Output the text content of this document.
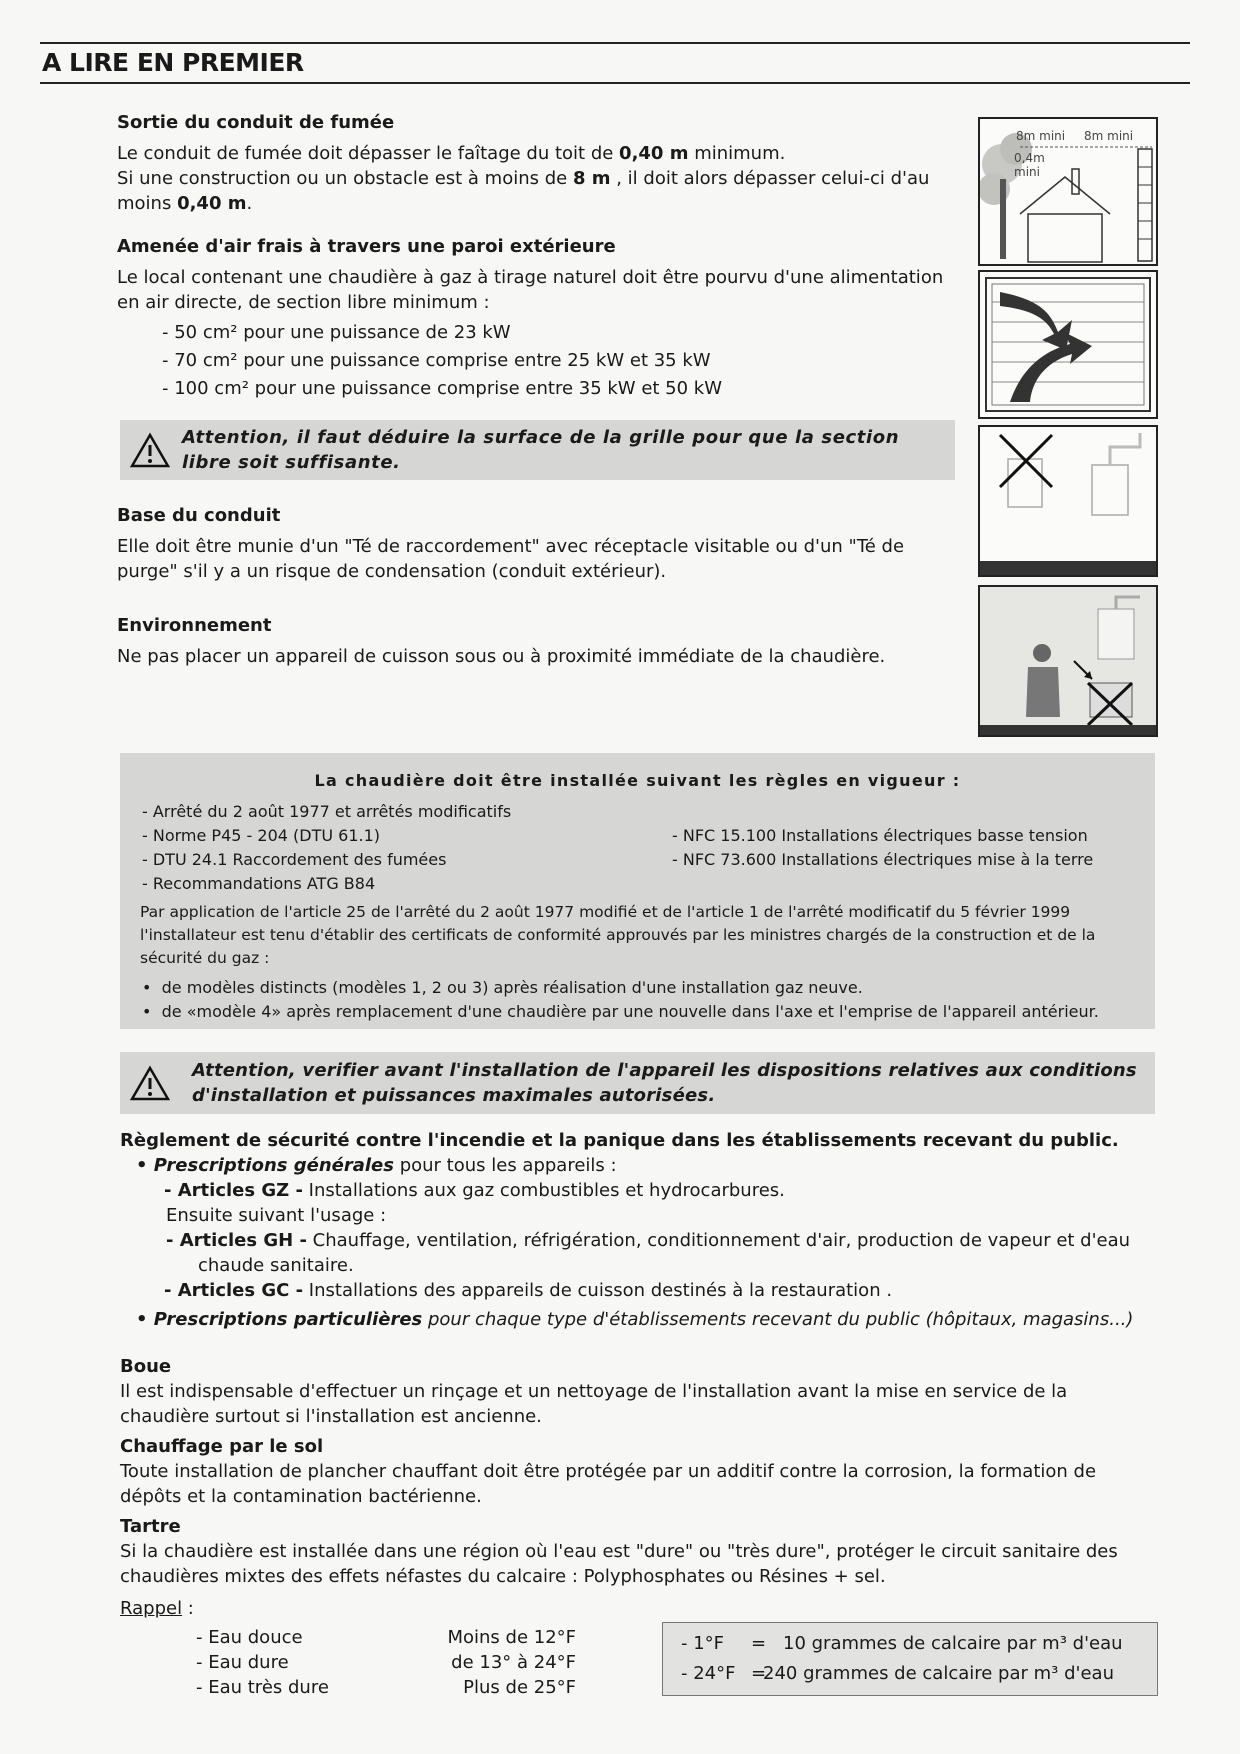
A LIRE EN PREMIER

Sortie du conduit de fumée

Le conduit de fumée doit dépasser le faîtage du toit de 0,40 m minimum.
Si une construction ou un obstacle est à moins de 8 m , il doit alors dépasser celui-ci d'au moins 0,40 m.

Amenée d'air frais à travers une paroi extérieure

Le local contenant une chaudière à gaz à tirage naturel doit être pourvu d'une alimentation en air directe, de section libre minimum :

- 50 cm² pour une puissance de 23 kW
- 70 cm² pour une puissance comprise entre 25 kW et 35 kW
- 100 cm² pour une puissance comprise entre 35 kW et 50 kW
Attention, il faut déduire la surface de la grille pour que la section libre soit suffisante.

Base du conduit

Elle doit être munie d'un "Té de raccordement" avec réceptacle visitable ou d'un "Té de purge" s'il y a un risque de condensation (conduit extérieur).

Environnement

Ne pas placer un appareil de cuisson sous ou à proximité immédiate de la chaudière.

8m mini 8m mini
0,4m mini
La chaudière doit être installée suivant les règles en vigueur :
- Arrêté du 2 août 1977 et arrêtés modificatifs
- Norme P45 - 204 (DTU 61.1)
- DTU 24.1 Raccordement des fumées
- Recommandations ATG B84
- NFC 15.100 Installations électriques basse tension
- NFC 73.600 Installations électriques mise à la terre
Par application de l'article 25 de l'arrêté du 2 août 1977 modifié et de l'article 1 de l'arrêté modificatif du 5 février 1999 l'installateur est tenu d'établir des certificats de conformité approuvés par les ministres chargés de la construction et de la sécurité du gaz :
•  de modèles distincts (modèles 1, 2 ou 3) après réalisation d'une installation gaz neuve.
•  de «modèle 4» après remplacement d'une chaudière par une nouvelle dans l'axe et l'emprise de l'appareil antérieur.
Attention, verifier avant l'installation de l'appareil les dispositions relatives aux conditions d'installation et puissances maximales autorisées.
Règlement de sécurité contre l'incendie et la panique dans les établissements recevant du public.
• Prescriptions générales pour tous les appareils :
- Articles GZ - Installations aux gaz combustibles et hydrocarbures.
Ensuite suivant l'usage :
- Articles GH - Chauffage, ventilation, réfrigération, conditionnement d'air, production de vapeur et d'eau chaude sanitaire.
- Articles GC - Installations des appareils de cuisson destinés à la restauration .
• Prescriptions particulières pour chaque type d'établissements recevant du public (hôpitaux, magasins...)
Boue
Il est indispensable d'effectuer un rinçage et un nettoyage de l'installation avant la mise en service de la chaudière surtout si l'installation est ancienne.
Chauffage par le sol
Toute installation de plancher chauffant doit être protégée par un additif contre la corrosion, la formation de dépôts et la contamination bactérienne.
Tartre
Si la chaudière est installée dans une région où l'eau est "dure" ou "très dure", protéger le circuit sanitaire des chaudières mixtes des effets néfastes du calcaire : Polyphosphates ou Résines + sel.
Rappel :
- Eau douce
- Eau dure
- Eau très dure
Moins de 12°F
de 13° à 24°F
Plus de 25°F
- 1°F = 10 grammes de calcaire par m³ d'eau
- 24°F =
240 grammes de calcaire par m³ d'eau
